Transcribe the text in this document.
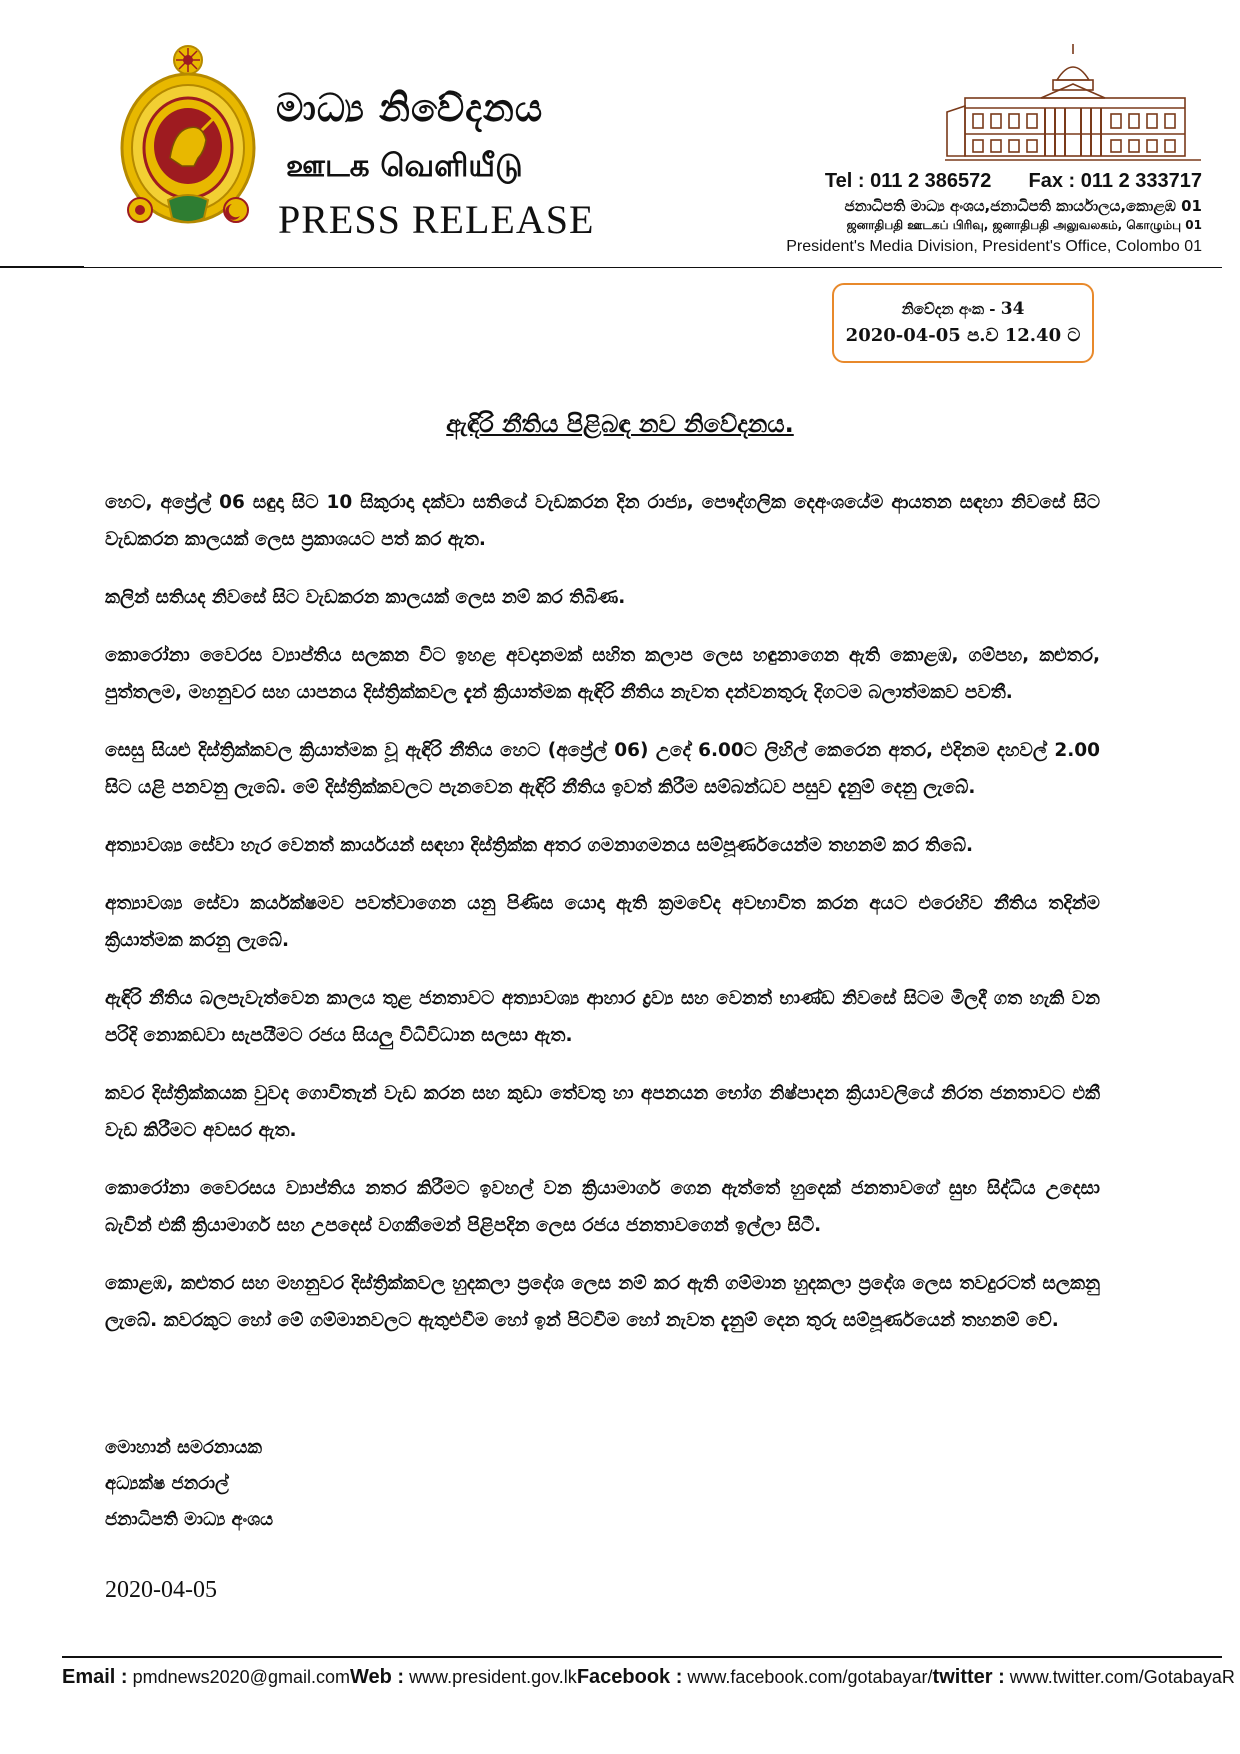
මාධ්‍ය නිවේදනය
ஊடக வெளியீடு
PRESS RELEASE
Tel : 011 2 386572 Fax : 011 2 333717
ජනාධිපති මාධ්‍ය අංශය,ජනාධිපති කාර්යාලය,කොළඹ 01
ஜனாதிபதி ஊடகப் பிரிவு, ஜனாதிபதி அலுவலகம், கொழும்பு 01
President's Media Division, President's Office, Colombo 01
නිවේදන අංක - 34
2020-04-05 ප.ව 12.40 ට
ඇඳිරි නීතිය පිළිබඳ නව නිවේදනය.

හෙට, අප්‍රේල් 06 සඳුදා සිට 10 සිකුරාදා දක්වා සතියේ වැඩකරන දින රාජ්‍ය, පෞද්ගලික දෙඅංශයේම ආයතන සඳහා නිවසේ සිට වැඩකරන කාලයක් ලෙස ප්‍රකාශයට පත් කර ඇත.

කලින් සතියද නිවසේ සිට වැඩකරන කාලයක් ලෙස නම් කර තිබිණ.

කොරෝනා වෛරස ව්‍යාප්තිය සලකන විට ඉහළ අවදානමක් සහිත කලාප ලෙස හඳුනාගෙන ඇති කොළඹ, ගම්පහ, කළුතර, පුත්තලම, මහනුවර සහ යාපනය දිස්ත්‍රික්කවල දැන් ක්‍රියාත්මක ඇඳිරි නීතිය නැවත දන්වනතුරු දිගටම බලාත්මකව පවතී.

සෙසු සියළු දිස්ත්‍රික්කවල ක්‍රියාත්මක වූ ඇඳිරි නීතිය හෙට (අප්‍රේල් 06) උදේ 6.00ට ලිහිල් කෙරෙන අතර, එදිනම දහවල් 2.00 සිට යළි පනවනු ලැබේ. මේ දිස්ත්‍රික්කවලට පැනවෙන ඇඳිරි නීතිය ඉවත් කිරීම සම්බන්ධව පසුව දැනුම් දෙනු ලැබේ.

අත්‍යාවශ්‍ය සේවා හැර වෙනත් කාර්යයන් සඳහා දිස්ත්‍රික්ක අතර ගමනාගමනය සම්පූර්ණයෙන්ම තහනම් කර තිබේ.

අත්‍යාවශ්‍ය සේවා කර්යක්ෂමව පවත්වාගෙන යනු පිණිස යොදා ඇති ක්‍රමවේද අවභාවිත කරන අයට එරෙහිව නීතිය තදින්ම ක්‍රියාත්මක කරනු ලැබේ.

ඇඳිරි නීතිය බලපැවැත්වෙන කාලය තුළ ජනතාවට අත්‍යාවශ්‍ය ආහාර ද්‍රව්‍ය සහ වෙනත් භාණ්ඩ නිවසේ සිටම මිලදී ගත හැකි වන පරිදි නොකඩවා සැපයීමට රජය සියලු විධිවිධාන සලසා ඇත.

කවර දිස්ත්‍රික්කයක වුවද ගොවිතැන් වැඩ කරන සහ කුඩා තේවතු හා අපනයන භෝග නිෂ්පාදන ක්‍රියාවලියේ නිරත ජනතාවට එකී වැඩ කිරීමට අවසර ඇත.

කොරෝනා වෛරසය ව්‍යාප්තිය නතර කිරීමට ඉවහල් වන ක්‍රියාමාර්ග ගෙන ඇත්තේ හුදෙක් ජනතාවගේ සුභ සිද්ධිය උදෙසා බැවින් එකී ක්‍රියාමාර්ග සහ උපදෙස් වගකීමෙන් පිළිපදින ලෙස රජය ජනතාවගෙන් ඉල්ලා සිටී.

කොළඹ, කළුතර සහ මහනුවර දිස්ත්‍රික්කවල හුදකලා ප්‍රදේශ ලෙස නම් කර ඇති ගම්මාන හුදකලා ප්‍රදේශ ලෙස තවදුරටත් සලකනු ලැබේ. කවරකුට හෝ මේ ගම්මානවලට ඇතුළුවීම හෝ ඉන් පිටවීම හෝ නැවත දැනුම් දෙන තුරු සම්පූර්ණයෙන් තහනම් වේ.

මොහාන් සමරනායක
අධ්‍යක්ෂ ජනරාල්
ජනාධිපති මාධ්‍ය අංශය
2020-04-05
Email : pmdnews2020@gmail.com Web : www.president.gov.lk Facebook : www.facebook.com/gotabayar/ twitter : www.twitter.com/GotabayaR
